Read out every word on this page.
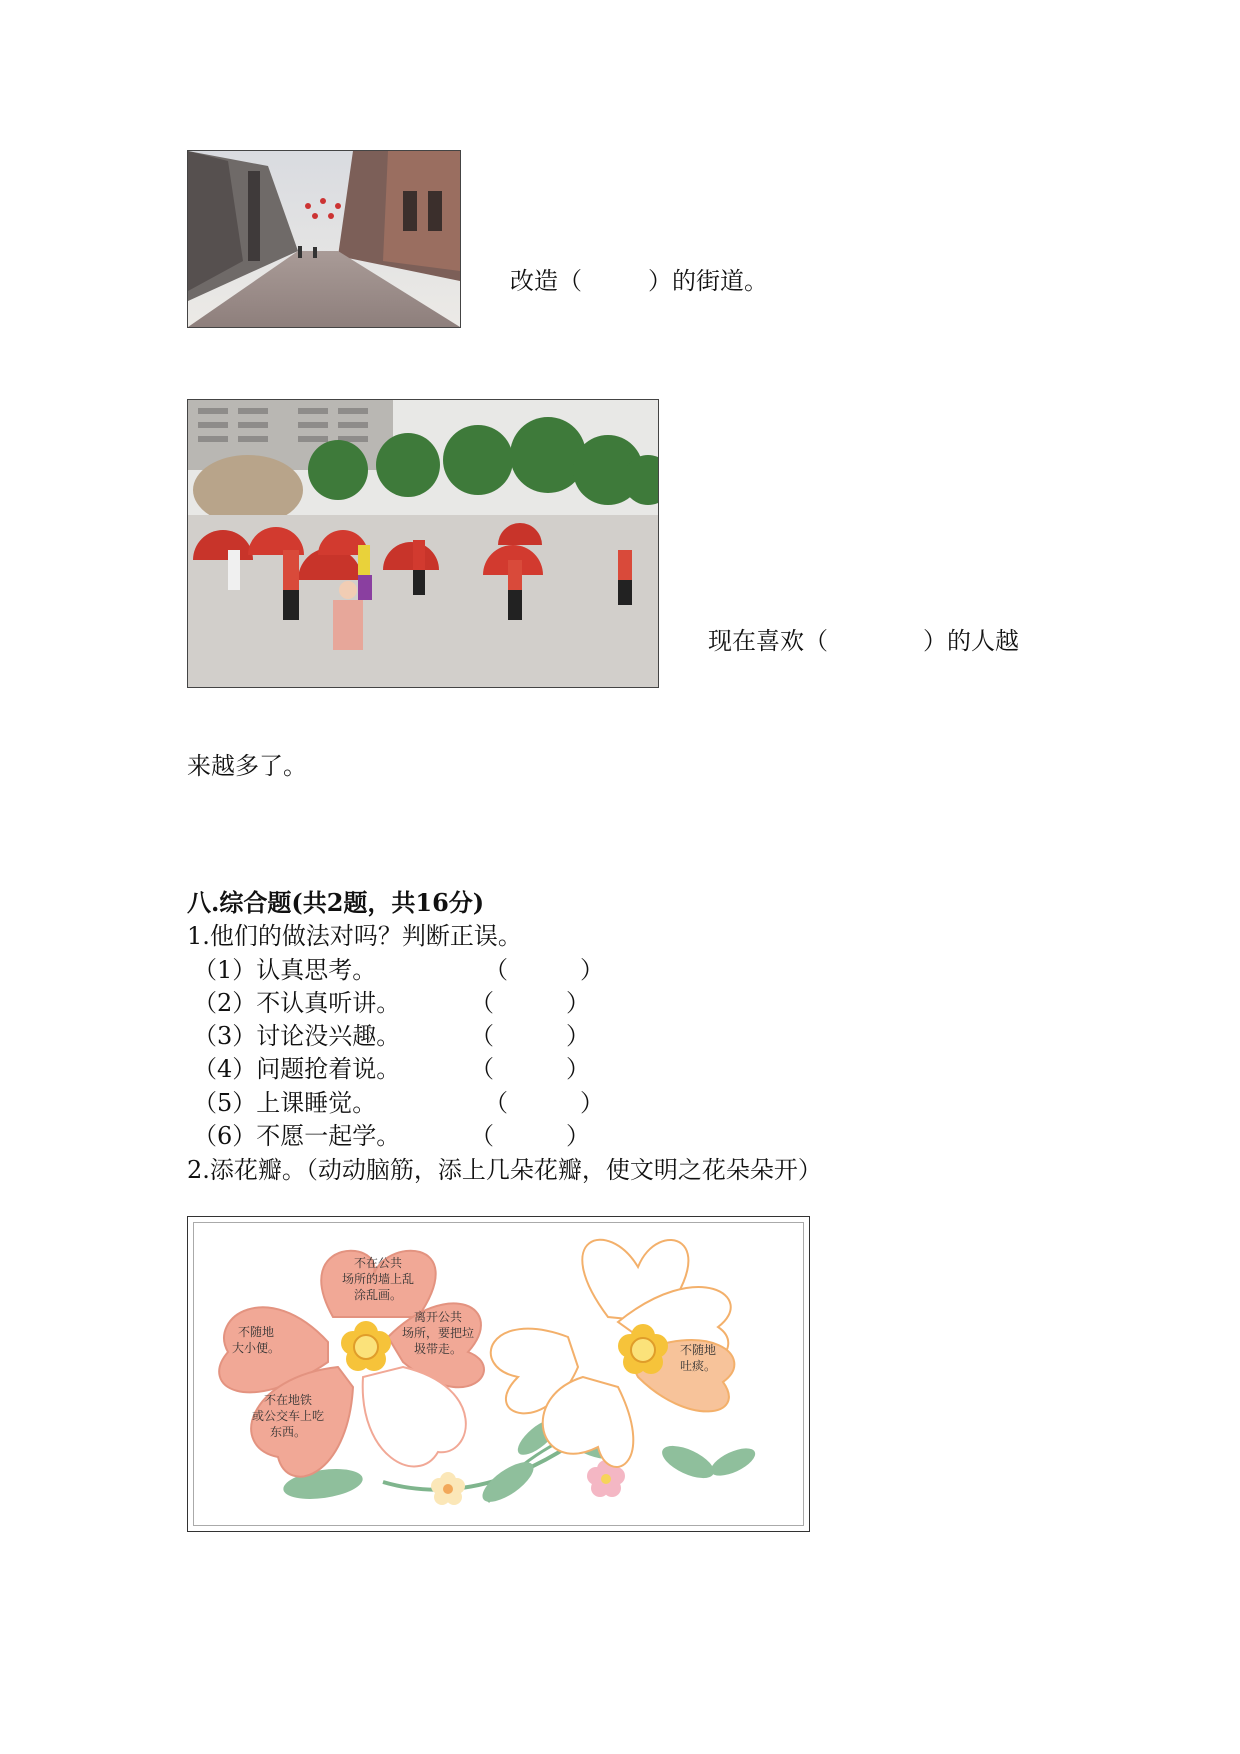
改造（	）的街道。
现在喜欢（	）的人越
来越多了。
八.综合题(共2题，共16分)
1.他们的做法对吗？判断正误。
（1）认真思考。	（　　　）
（2）不认真听讲。	（　　　）
（3）讨论没兴趣。	（　　　）
（4）问题抢着说。	（　　　）
（5）上课睡觉。	（　　　）
（6）不愿一起学。	（　　　）
2.添花瓣。（动动脑筋，添上几朵花瓣，使文明之花朵朵开）
不在公共
场所的墙上乱
涂乱画。
离开公共
场所，要把垃
圾带走。
不随地
大小便。
不在地铁
或公交车上吃
东西。
不随地
吐痰。
